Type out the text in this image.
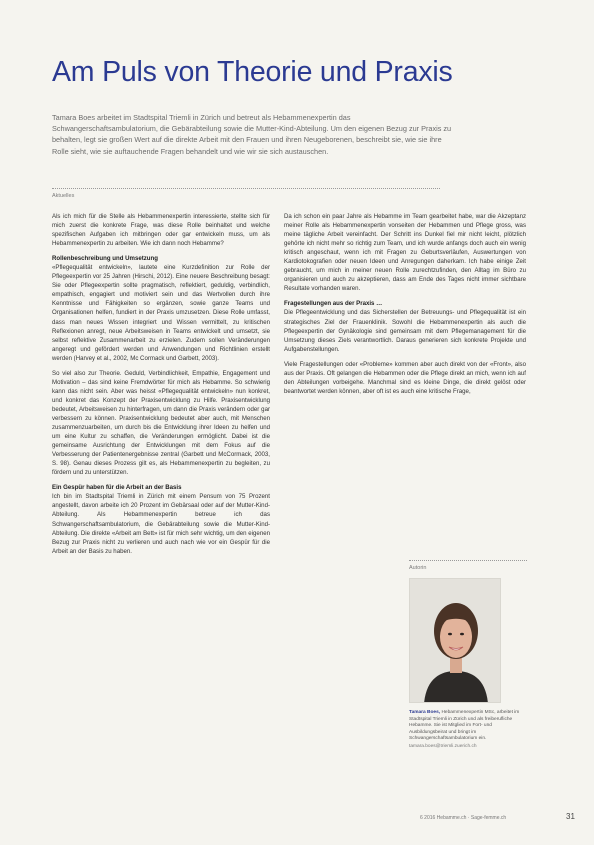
Am Puls von Theorie und Praxis
Tamara Boes arbeitet im Stadtspital Triemli in Zürich und betreut als Hebammenexpertin das Schwangerschaftsambulatorium, die Gebärabteilung sowie die Mutter-Kind-Abteilung. Um den eigenen Bezug zur Praxis zu behalten, legt sie großen Wert auf die direkte Arbeit mit den Frauen und ihren Neugeborenen, beschreibt sie, wie sie ihre Rolle sieht, wie sie auftauchende Fragen behandelt und wie wir sie sich austauschen.
Aktuelles

Als ich mich für die Stelle als Hebammenexpertin interessierte, stellte sich für mich zuerst die konkrete Frage, was diese Rolle beinhaltet und welche spezifischen Aufgaben ich mitbringen oder gar entwickeln muss, um als Hebammenexpertin zu arbeiten. Wie ich dann noch Hebamme?

Rollenbeschreibung und Umsetzung

«Pflegequalität entwickeln», lautete eine Kurzdefinition zur Rolle der Pflegeexpertin vor 25 Jahren (Hirschi, 2012). Eine neuere Beschreibung besagt: Sie oder Pflegeexpertin sollte pragmatisch, reflektiert, geduldig, verbindlich, empathisch, engagiert und motiviert sein und das Wertvollen durch ihre Kenntnisse und Fähigkeiten so ergänzen, sowie ganze Teams und Organisationen helfen, fundiert in der Praxis umzusetzen. Diese Rolle umfasst, dass man neues Wissen integriert und Wissen vermittelt, zu kritischen Reflexionen anregt, neue Arbeitsweisen in Teams entwickelt und umsetzt, sie selbst reflektive Zusammenarbeit zu erzielen. Zudem sollen Veränderungen angeregt und gefördert werden und Anwendungen und Richtlinien erstellt werden (Harvey et al., 2002, Mc Cormack und Garbett, 2003).

So viel also zur Theorie. Geduld, Verbindlichkeit, Empathie, Engagement und Motivation – das sind keine Fremdwörter für mich als Hebamme. So schwierig kann das nicht sein. Aber was heisst «Pflegequalität entwickeln» nun konkret, und konkret das Konzept der Praxisentwicklung zu Hilfe. Praxisentwicklung bedeutet, Arbeitsweisen zu hinterfragen, um dann die Praxis verändern oder gar verbessern zu können. Praxisentwicklung bedeutet aber auch, mit Menschen zusammenzuarbeiten, um durch bis die Entwicklung ihrer Ideen zu helfen und um eine Kultur zu schaffen, die Veränderungen ermöglicht. Dabei ist die gemeinsame Ausrichtung der Entwicklungen mit dem Fokus auf die Verbesserung der Patientenergebnisse zentral (Garbett und McCormack, 2003, S. 98). Genau dieses Prozess gilt es, als Hebammenexpertin zu begleiten, zu fördern und zu unterstützen.

Ein Gespür haben für die Arbeit an der Basis

Ich bin im Stadtspital Triemli in Zürich mit einem Pensum von 75 Prozent angestellt, davon arbeite ich 20 Prozent im Gebärsaal oder auf der Mutter-Kind-Abteilung. Als Hebammenexpertin betreue ich das Schwangerschaftsambulatorium, die Gebärabteilung sowie die Mutter-Kind-Abteilung. Die direkte «Arbeit am Bett» ist für mich sehr wichtig, um den eigenen Bezug zur Praxis nicht zu verlieren und auch nach wie vor ein Gespür für die Arbeit an der Basis zu haben.

Da ich schon ein paar Jahre als Hebamme im Team gearbeitet habe, war die Akzeptanz meiner Rolle als Hebammenexpertin vonseiten der Hebammen und Pflege gross, was meine tägliche Arbeit vereinfacht. Der Schritt ins Dunkel fiel mir nicht leicht, plötzlich gehörte ich nicht mehr so richtig zum Team, und ich wurde anfangs doch auch ein wenig kritisch angeschaut, wenn ich mit Fragen zu Geburtsverläufen, Auswertungen von Kardiotokografien oder neuen Ideen und Anregungen daherkam. Ich habe einige Zeit gebraucht, um mich in meiner neuen Rolle zurechtzufinden, den Alltag im Büro zu organisieren und auch zu akzeptieren, dass am Ende des Tages nicht immer sichtbare Resultate vorhanden waren.

Fragestellungen aus der Praxis …

Die Pflegeentwicklung und das Sicherstellen der Betreuungs- und Pflegequalität ist ein strategisches Ziel der Frauenklinik. Sowohl die Hebammenexpertin als auch die Pflegeexpertin der Gynäkologie sind gemeinsam mit dem Pflegemanagement für die Umsetzung dieses Ziels verantwortlich. Daraus generieren sich konkrete Projekte und Aufgabenstellungen.

Viele Fragestellungen oder «Probleme» kommen aber auch direkt von der «Front», also aus der Praxis. Oft gelangen die Hebammen oder die Pflege direkt an mich, wenn ich auf den Abteilungen vorbeigehe. Manchmal sind es kleine Dinge, die direkt gelöst oder beantwortet werden können, aber oft ist es auch eine kritische Frage,

Autorin
Tamara Boes, Hebammenexpertin MSc, arbeitet im Stadtspital Triemli in Zürich und als freiberufliche Hebamme. Sie ist Mitglied im Fort- und Ausbildungsbeirat und bringt im Schwangerschaftsambulatorium ein.
tamara.boes@triemli.zuerich.ch
6 2016 Hebamme.ch · Sage-femme.ch	31
